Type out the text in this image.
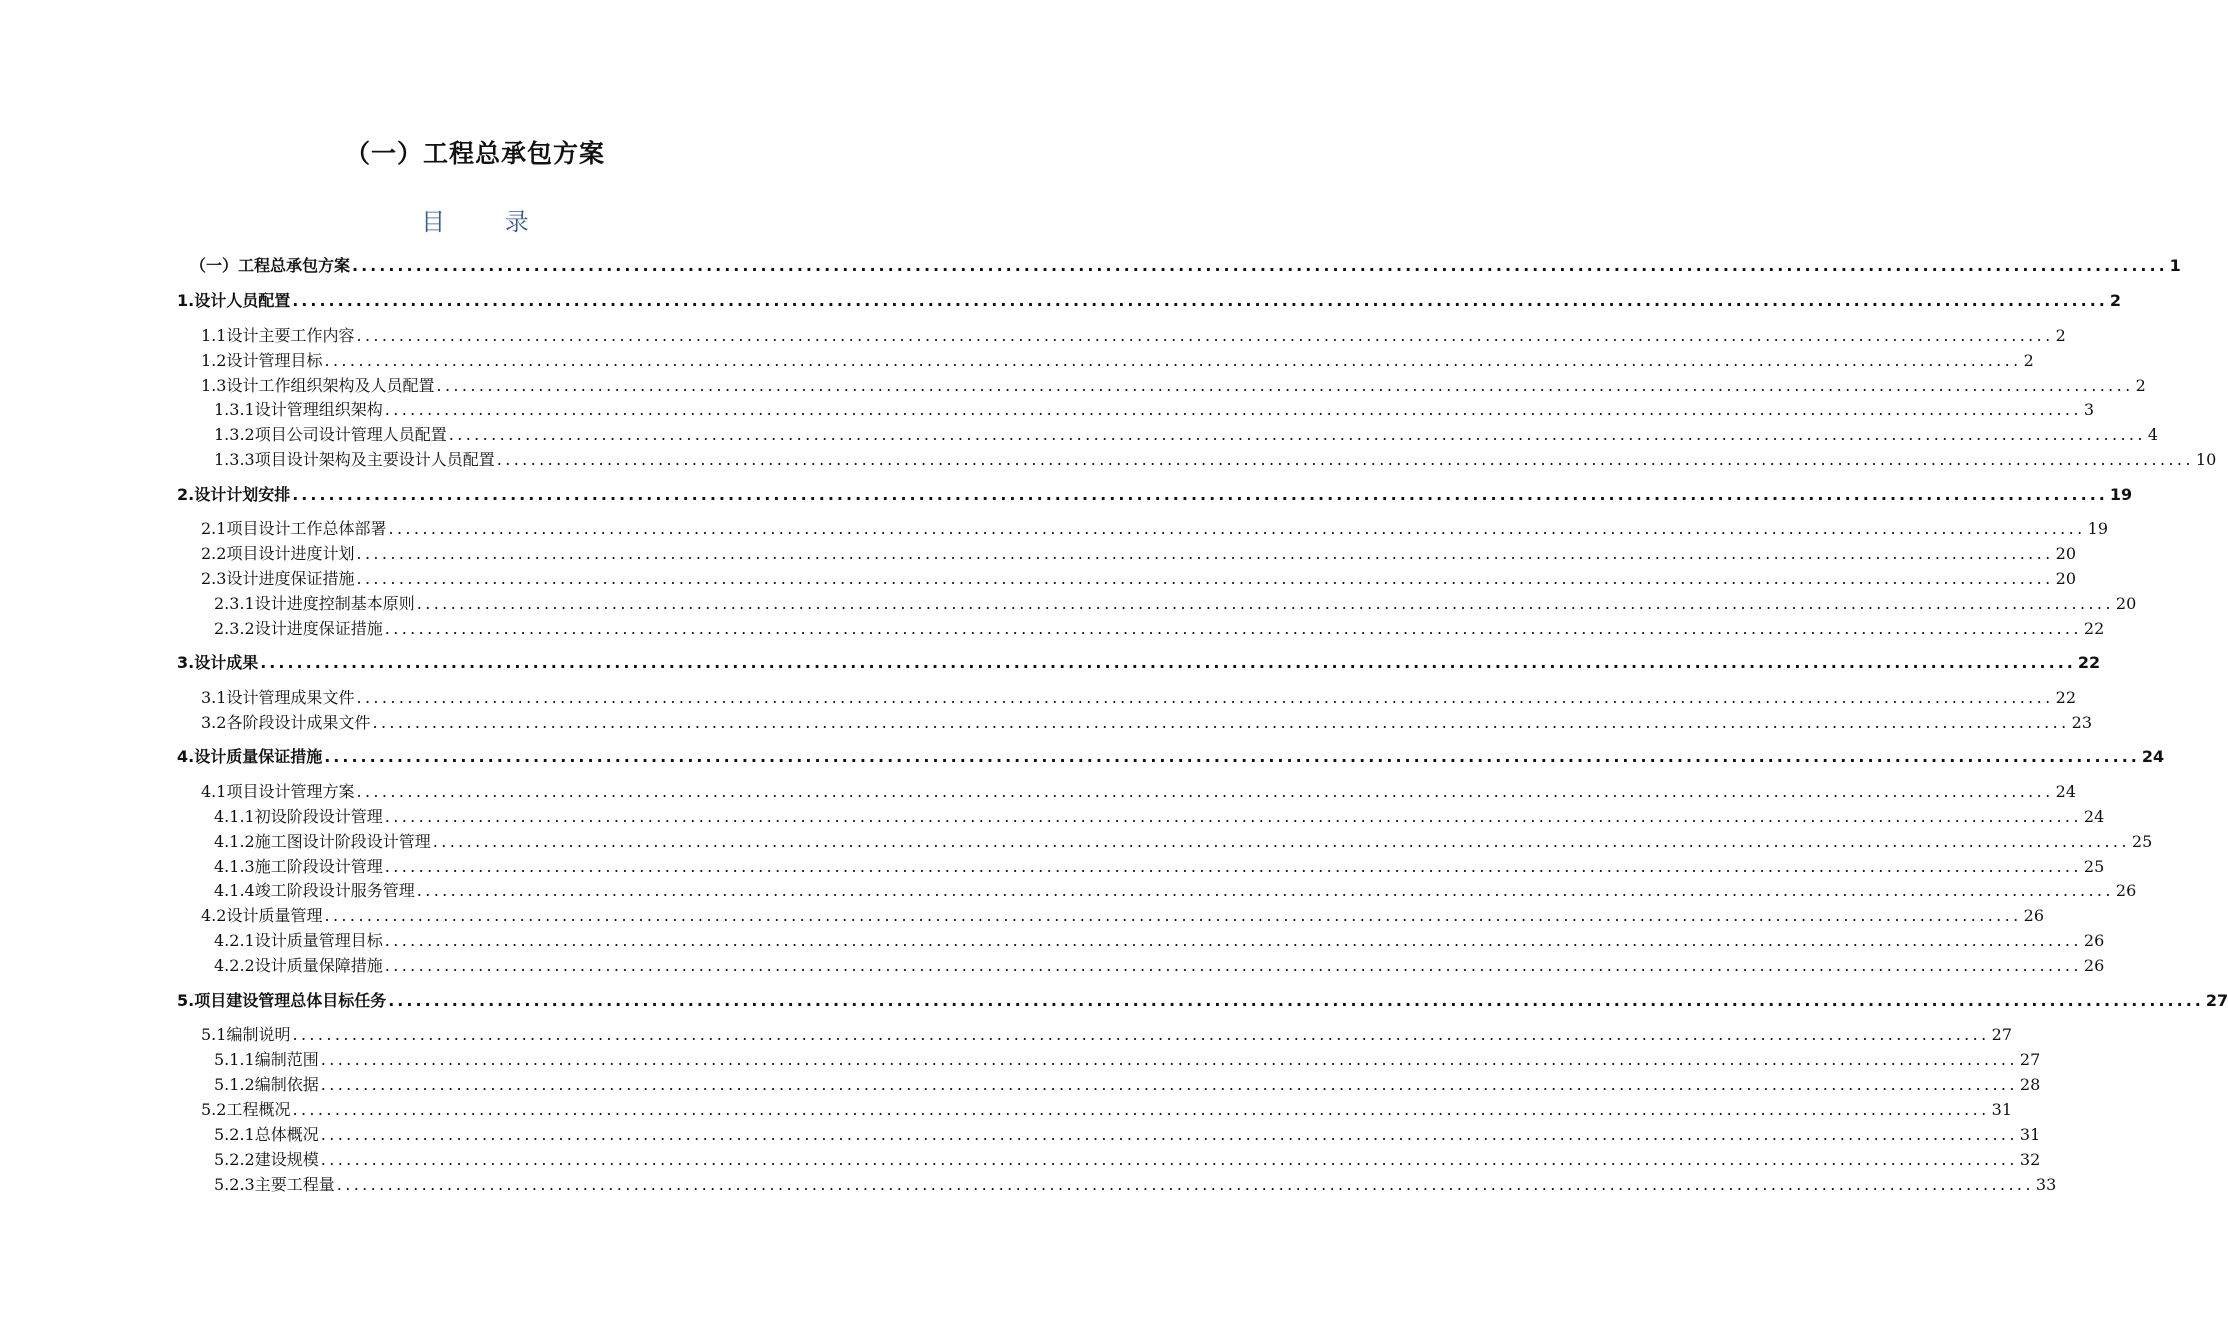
（一）工程总承包方案
目 录
（一）工程总承包方案 ........................................................................................................................................................................................................ 1
1.设计人员配置 ........................................................................................................................................................................................................ 2
1.1设计主要工作内容 ........................................................................................................................................................................................................ 2
1.2设计管理目标 ........................................................................................................................................................................................................ 2
1.3设计工作组织架构及人员配置 ........................................................................................................................................................................................................ 2
1.3.1设计管理组织架构 ........................................................................................................................................................................................................ 3
1.3.2项目公司设计管理人员配置 ........................................................................................................................................................................................................ 4
1.3.3项目设计架构及主要设计人员配置 ........................................................................................................................................................................................................ 10
2.设计计划安排 ........................................................................................................................................................................................................ 19
2.1项目设计工作总体部署 ........................................................................................................................................................................................................ 19
2.2项目设计进度计划 ........................................................................................................................................................................................................ 20
2.3设计进度保证措施 ........................................................................................................................................................................................................ 20
2.3.1设计进度控制基本原则 ........................................................................................................................................................................................................ 20
2.3.2设计进度保证措施 ........................................................................................................................................................................................................ 22
3.设计成果 ........................................................................................................................................................................................................ 22
3.1设计管理成果文件 ........................................................................................................................................................................................................ 22
3.2各阶段设计成果文件 ........................................................................................................................................................................................................ 23
4.设计质量保证措施 ........................................................................................................................................................................................................ 24
4.1项目设计管理方案 ........................................................................................................................................................................................................ 24
4.1.1初设阶段设计管理 ........................................................................................................................................................................................................ 24
4.1.2施工图设计阶段设计管理 ........................................................................................................................................................................................................ 25
4.1.3施工阶段设计管理 ........................................................................................................................................................................................................ 25
4.1.4竣工阶段设计服务管理 ........................................................................................................................................................................................................ 26
4.2设计质量管理 ........................................................................................................................................................................................................ 26
4.2.1设计质量管理目标 ........................................................................................................................................................................................................ 26
4.2.2设计质量保障措施 ........................................................................................................................................................................................................ 26
5.项目建设管理总体目标任务 ........................................................................................................................................................................................................ 27
5.1编制说明 ........................................................................................................................................................................................................ 27
5.1.1编制范围 ........................................................................................................................................................................................................ 27
5.1.2编制依据 ........................................................................................................................................................................................................ 28
5.2工程概况 ........................................................................................................................................................................................................ 31
5.2.1总体概况 ........................................................................................................................................................................................................ 31
5.2.2建设规模 ........................................................................................................................................................................................................ 32
5.2.3主要工程量 ........................................................................................................................................................................................................ 33
